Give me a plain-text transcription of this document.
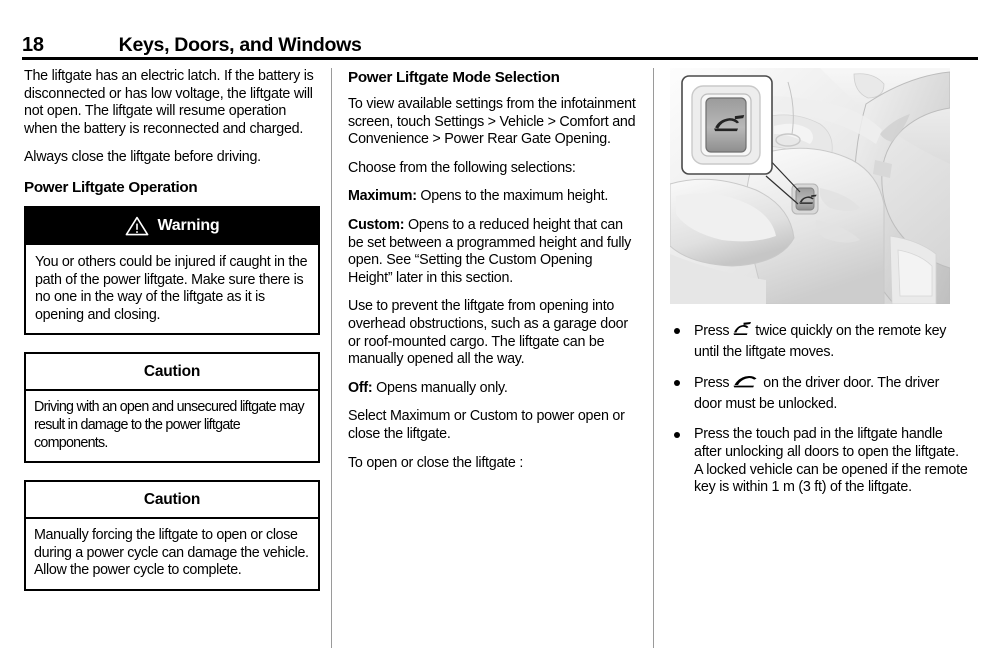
18	Keys, Doors, and Windows

The liftgate has an electric latch. If the battery is disconnected or has low voltage, the liftgate will not open. The liftgate will resume operation when the battery is reconnected and charged.

Always close the liftgate before driving.

Power Liftgate Operation
Warning
You or others could be injured if caught in the path of the power liftgate. Make sure there is no one in the way of the liftgate as it is opening and closing.
Caution
Driving with an open and unsecured liftgate may result in damage to the power liftgate components.
Caution
Manually forcing the liftgate to open or close during a power cycle can damage the vehicle. Allow the power cycle to complete.
Power Liftgate Mode Selection

To view available settings from the infotainment screen, touch Settings > Vehicle > Comfort and Convenience > Power Rear Gate Opening.

Choose from the following selections:

Maximum: Opens to the maximum height.

Custom: Opens to a reduced height that can be set between a programmed height and fully open. See “Setting the Custom Opening Height” later in this section.

Use to prevent the liftgate from opening into overhead obstructions, such as a garage door or roof-mounted cargo. The liftgate can be manually opened all the way.

Off: Opens manually only.

Select Maximum or Custom to power open or close the liftgate.

To open or close the liftgate :

Press 2 twice quickly on the remote key until the liftgate moves.
Press on the driver door. The driver door must be unlocked.
Press the touch pad in the liftgate handle after unlocking all doors to open the liftgate. A locked vehicle can be opened if the remote key is within 1 m (3 ft) of the liftgate.
